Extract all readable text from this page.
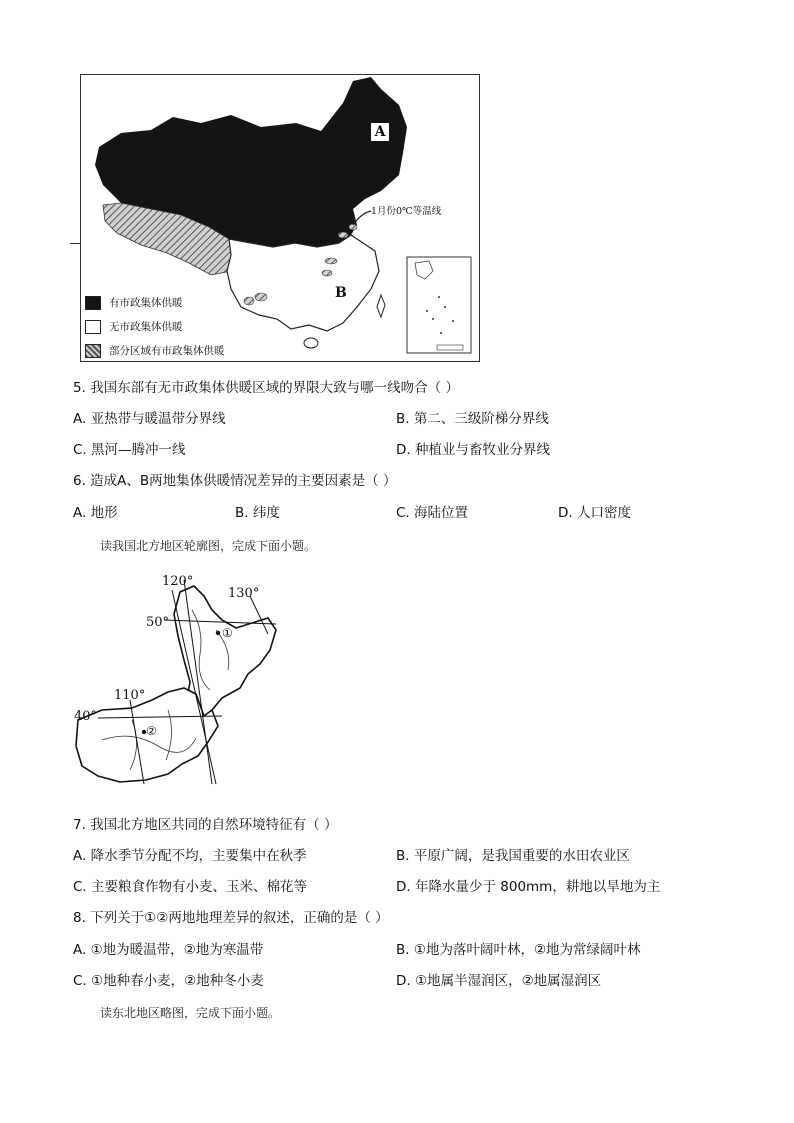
A
B
1月份0℃等温线
有市政集体供暖
无市政集体供暖
部分区域有市政集体供暖
5. 我国东部有无市政集体供暖区域的界限大致与哪一线吻合（ ）
A. 亚热带与暖温带分界线	B. 第二、三级阶梯分界线
C. 黑河—腾冲一线	D. 种植业与畜牧业分界线
6. 造成A、B两地集体供暖情况差异的主要因素是（ ）
A. 地形	B. 纬度	C. 海陆位置	D. 人口密度
读我国北方地区轮廓图，完成下面小题。
120°
130°
50°
110°
40°
①
②
7. 我国北方地区共同的自然环境特征有（ ）
A. 降水季节分配不均，主要集中在秋季	B. 平原广阔，是我国重要的水田农业区
C. 主要粮食作物有小麦、玉米、棉花等	D. 年降水量少于 800mm，耕地以旱地为主
8. 下列关于①②两地地理差异的叙述，正确的是（ ）
A. ①地为暖温带，②地为寒温带	B. ①地为落叶阔叶林，②地为常绿阔叶林
C. ①地种春小麦，②地种冬小麦	D. ①地属半湿润区，②地属湿润区
读东北地区略图，完成下面小题。
